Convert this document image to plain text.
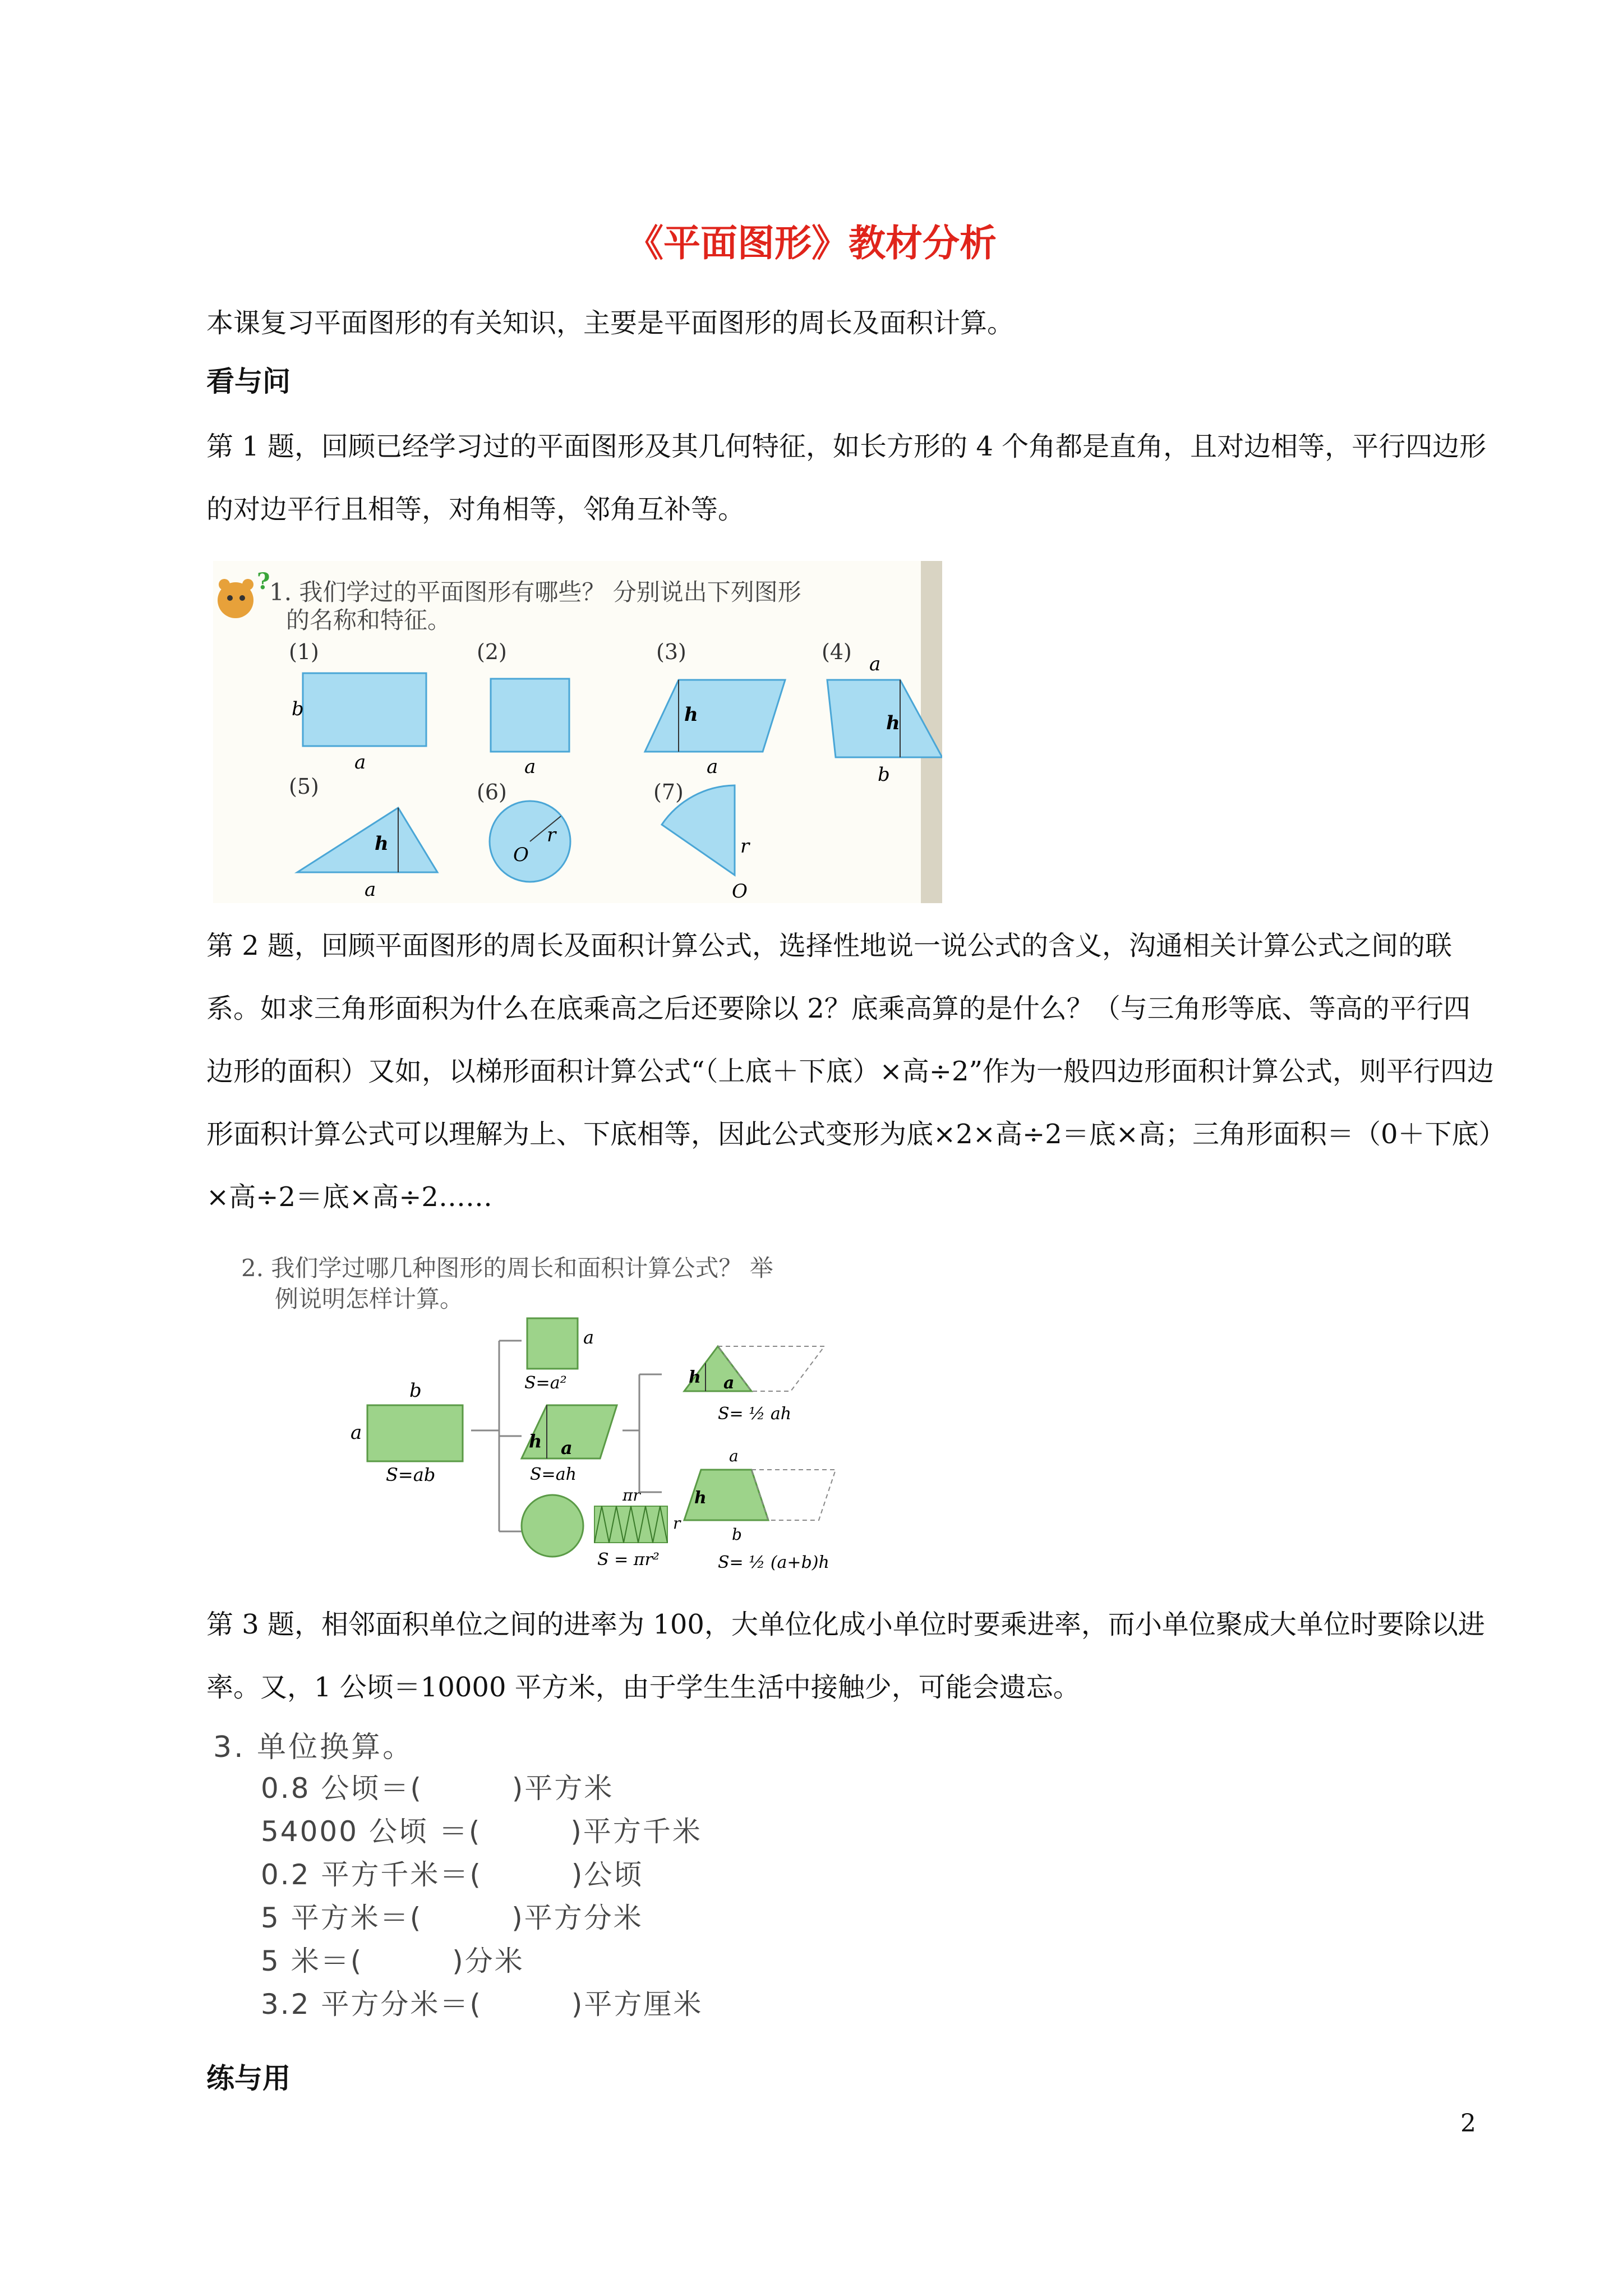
《平面图形》教材分析
本课复习平面图形的有关知识，主要是平面图形的周长及面积计算。
看与问
第 1 题，回顾已经学习过的平面图形及其几何特征，如长方形的 4 个角都是直角，且对边相等，平行四边形的对边平行且相等，对角相等，邻角互补等。
?
1. 我们学过的平面图形有哪些？ 分别说出下列图形
的名称和特征。
(1)
b
a
(2)
a
(3)
h
a
(4) a
h
b
(5)
h
a
(6)
O
r
(7)
r
O
第 2 题，回顾平面图形的周长及面积计算公式，选择性地说一说公式的含义，沟通相关计算公式之间的联系。如求三角形面积为什么在底乘高之后还要除以 2？底乘高算的是什么？（与三角形等底、等高的平行四边形的面积）又如，以梯形面积计算公式“（上底＋下底）×高÷2”作为一般四边形面积计算公式，则平行四边形面积计算公式可以理解为上、下底相等，因此公式变形为底×2×高÷2＝底×高；三角形面积＝（0＋下底）×高÷2＝底×高÷2……
2. 我们学过哪几种图形的周长和面积计算公式？ 举
例说明怎样计算。
b
a
S=ab
a
S=a²
h a
S=ah
πr
r
S = πr²
h a
S= ½ ah
a
h
b
S= ½ (a+b)h
第 3 题，相邻面积单位之间的进率为 100，大单位化成小单位时要乘进率，而小单位聚成大单位时要除以进率。又，1 公顷＝10000 平方米，由于学生生活中接触少，可能会遗忘。
3. 单位换算。
0.8 公顷＝(　　　)平方米
54000 公顷 ＝(　　　)平方千米
0.2 平方千米＝(　　　)公顷
5 平方米＝(　　　)平方分米
5 米＝(　　　)分米
3.2 平方分米＝(　　　)平方厘米
练与用
2
